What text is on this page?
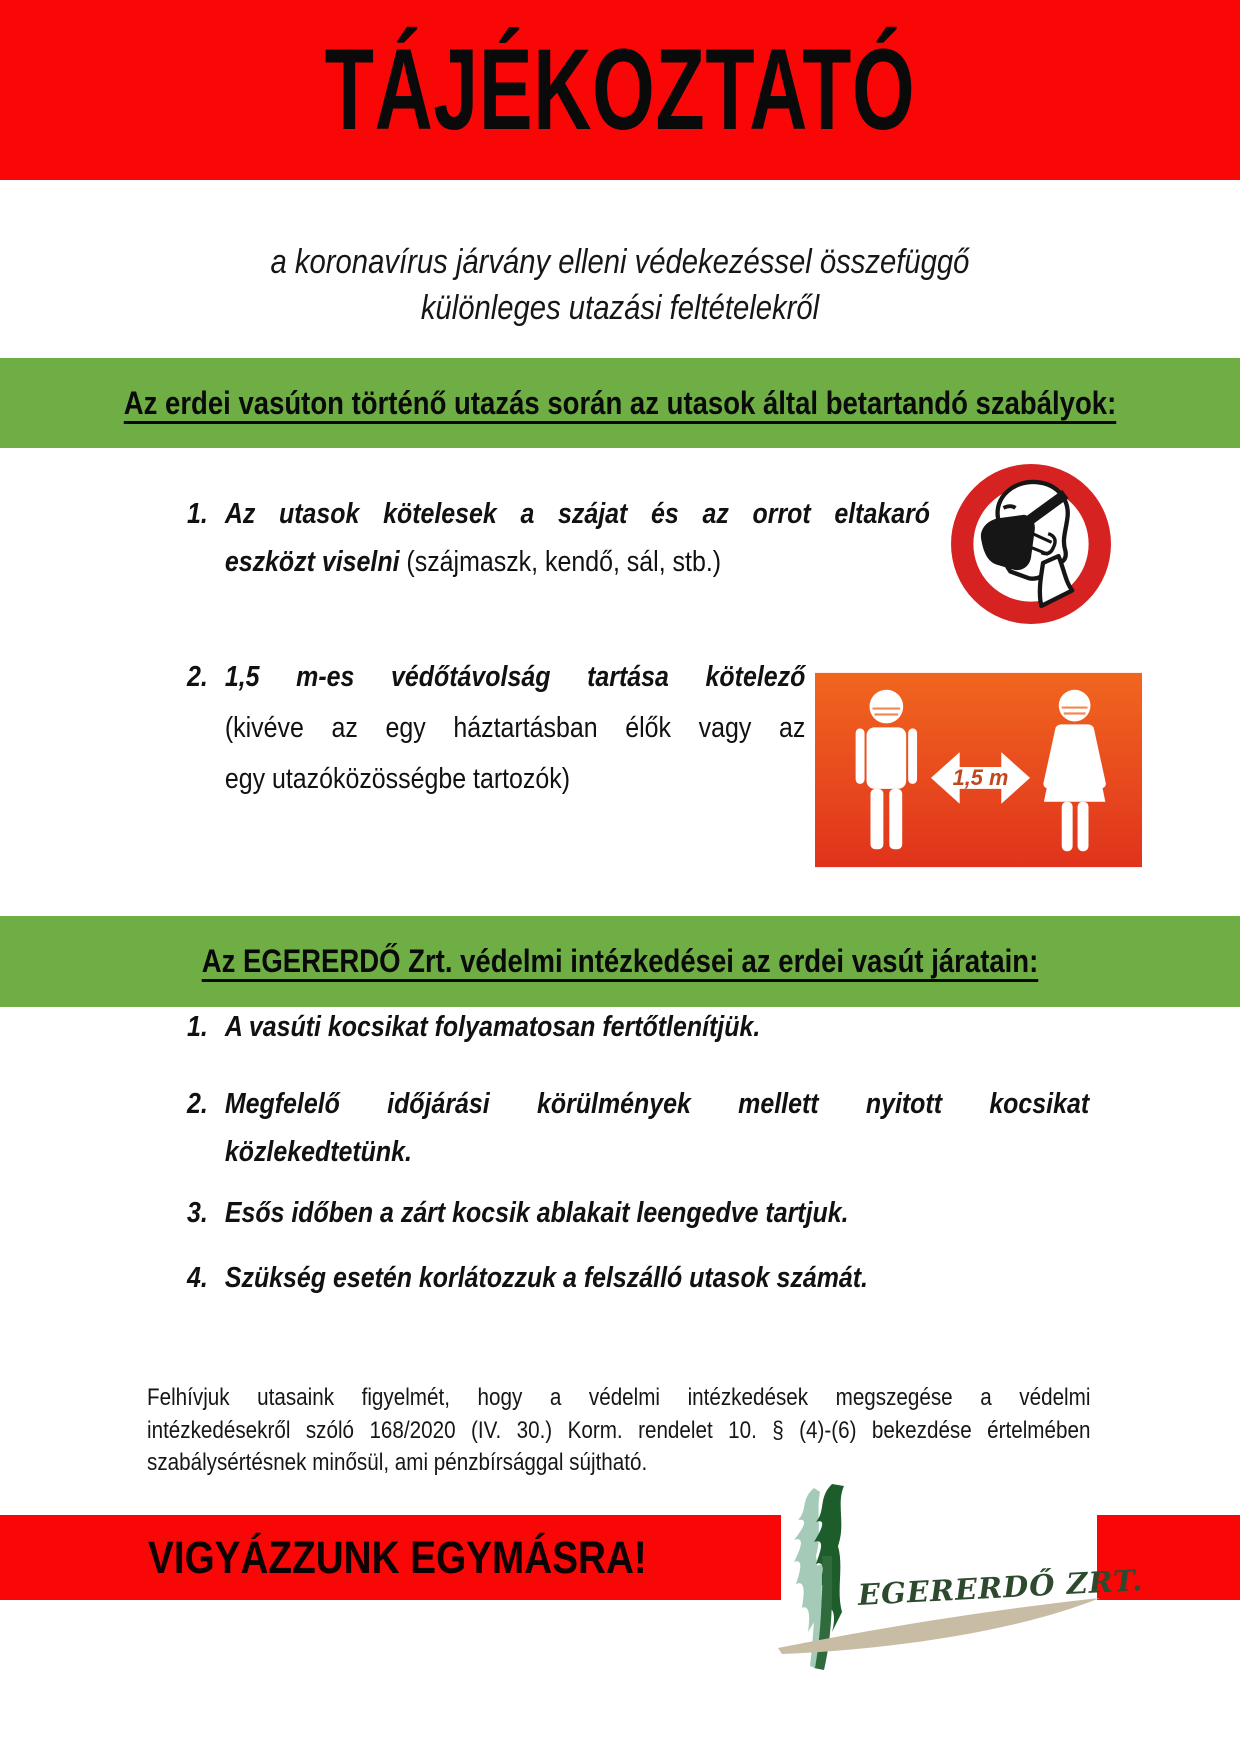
TÁJÉKOZTATÓ

a koronavírus járvány elleni védekezéssel összefüggő
különleges utazási feltételekről

Az erdei vasúton történő utazás során az utasok által betartandó szabályok:
1. Az utasok kötelesek a szájat és az orrot eltakaró
eszközt viselni (szájmaszk, kendő, sál, stb.)
2. 1,5 m-es védőtávolság tartása kötelező
(kivéve az egy háztartásban élők vagy az
egy utazóközösségbe tartozók)	1,5 m
Az EGERERDŐ Zrt. védelmi intézkedései az erdei vasút járatain:
1. A vasúti kocsikat folyamatosan fertőtlenítjük.
2. Megfelelő időjárási körülmények mellett nyitott kocsikat
közlekedtetünk.
3. Esős időben a zárt kocsik ablakait leengedve tartjuk.
4. Szükség esetén korlátozzuk a felszálló utasok számát.
Felhívjuk utasaink figyelmét, hogy a védelmi intézkedések megszegése a védelmi
intézkedésekről szóló 168/2020 (IV. 30.) Korm. rendelet 10. § (4)-(6) bekezdése értelmében
szabálysértésnek minősül, ami pénzbírsággal sújtható.
VIGYÁZZUNK EGYMÁSRA!
EGERERDŐ ZRT.
